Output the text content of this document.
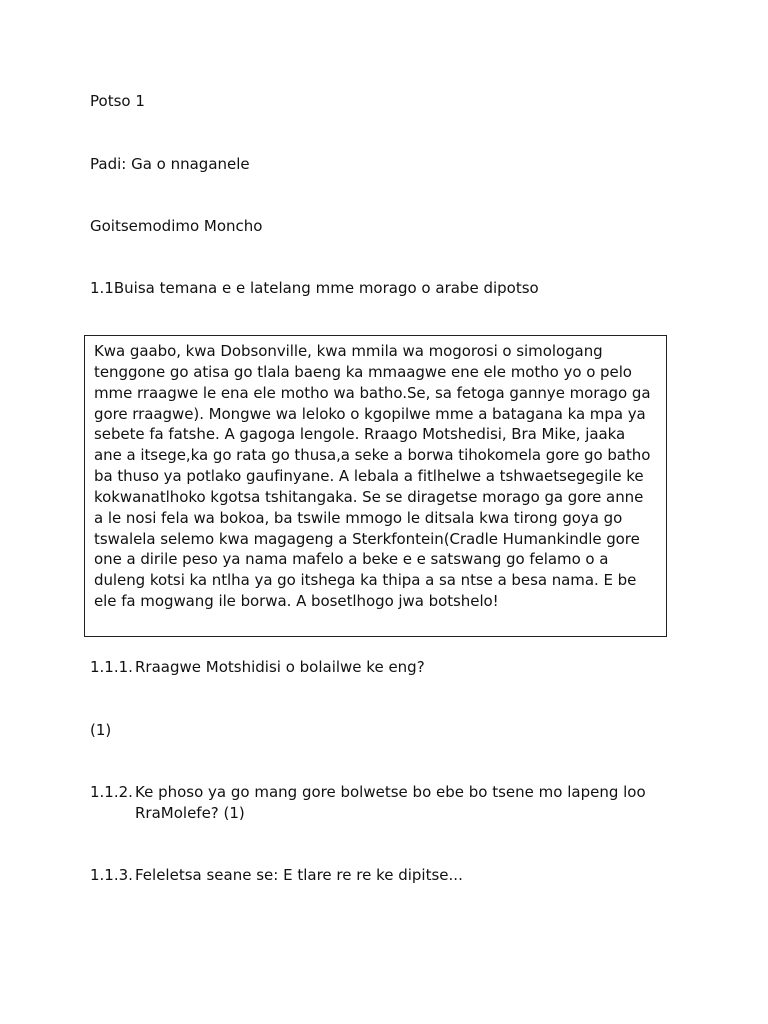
Potso 1
Padi: Ga o nnaganele
Goitsemodimo Moncho
1.1Buisa temana e e latelang mme morago o arabe dipotso
Kwa gaabo, kwa Dobsonville, kwa mmila wa mogorosi o simologang
tenggone go atisa go tlala baeng ka mmaagwe ene ele motho yo o pelo
mme rraagwe le ena ele motho wa batho.Se, sa fetoga gannye morago ga
gore rraagwe). Mongwe wa leloko o kgopilwe mme a batagana ka mpa ya
sebete fa fatshe. A gagoga lengole. Rraago Motshedisi, Bra Mike, jaaka
ane a itsege,ka go rata go thusa,a seke a borwa tihokomela gore go batho
ba thuso ya potlako gaufinyane. A lebala a fitlhelwe a tshwaetsegegile ke
kokwanatlhoko kgotsa tshitangaka. Se se diragetse morago ga gore anne
a le nosi fela wa bokoa, ba tswile mmogo le ditsala kwa tirong goya go
tswalela selemo kwa magageng a Sterkfontein(Cradle Humankindle gore
one a dirile peso ya nama mafelo a beke e e satswang go felamo o a
duleng kotsi ka ntlha ya go itshega ka thipa a sa ntse a besa nama. E be
ele fa mogwang ile borwa. A bosetlhogo jwa botshelo!
1.1.1. Rraagwe Motshidisi o bolailwe ke eng?
(1)
1.1.2. Ke phoso ya go mang gore bolwetse bo ebe bo tsene mo lapeng loo RraMolefe? (1)
1.1.3. Feleletsa seane se: E tlare re re ke dipitse...
